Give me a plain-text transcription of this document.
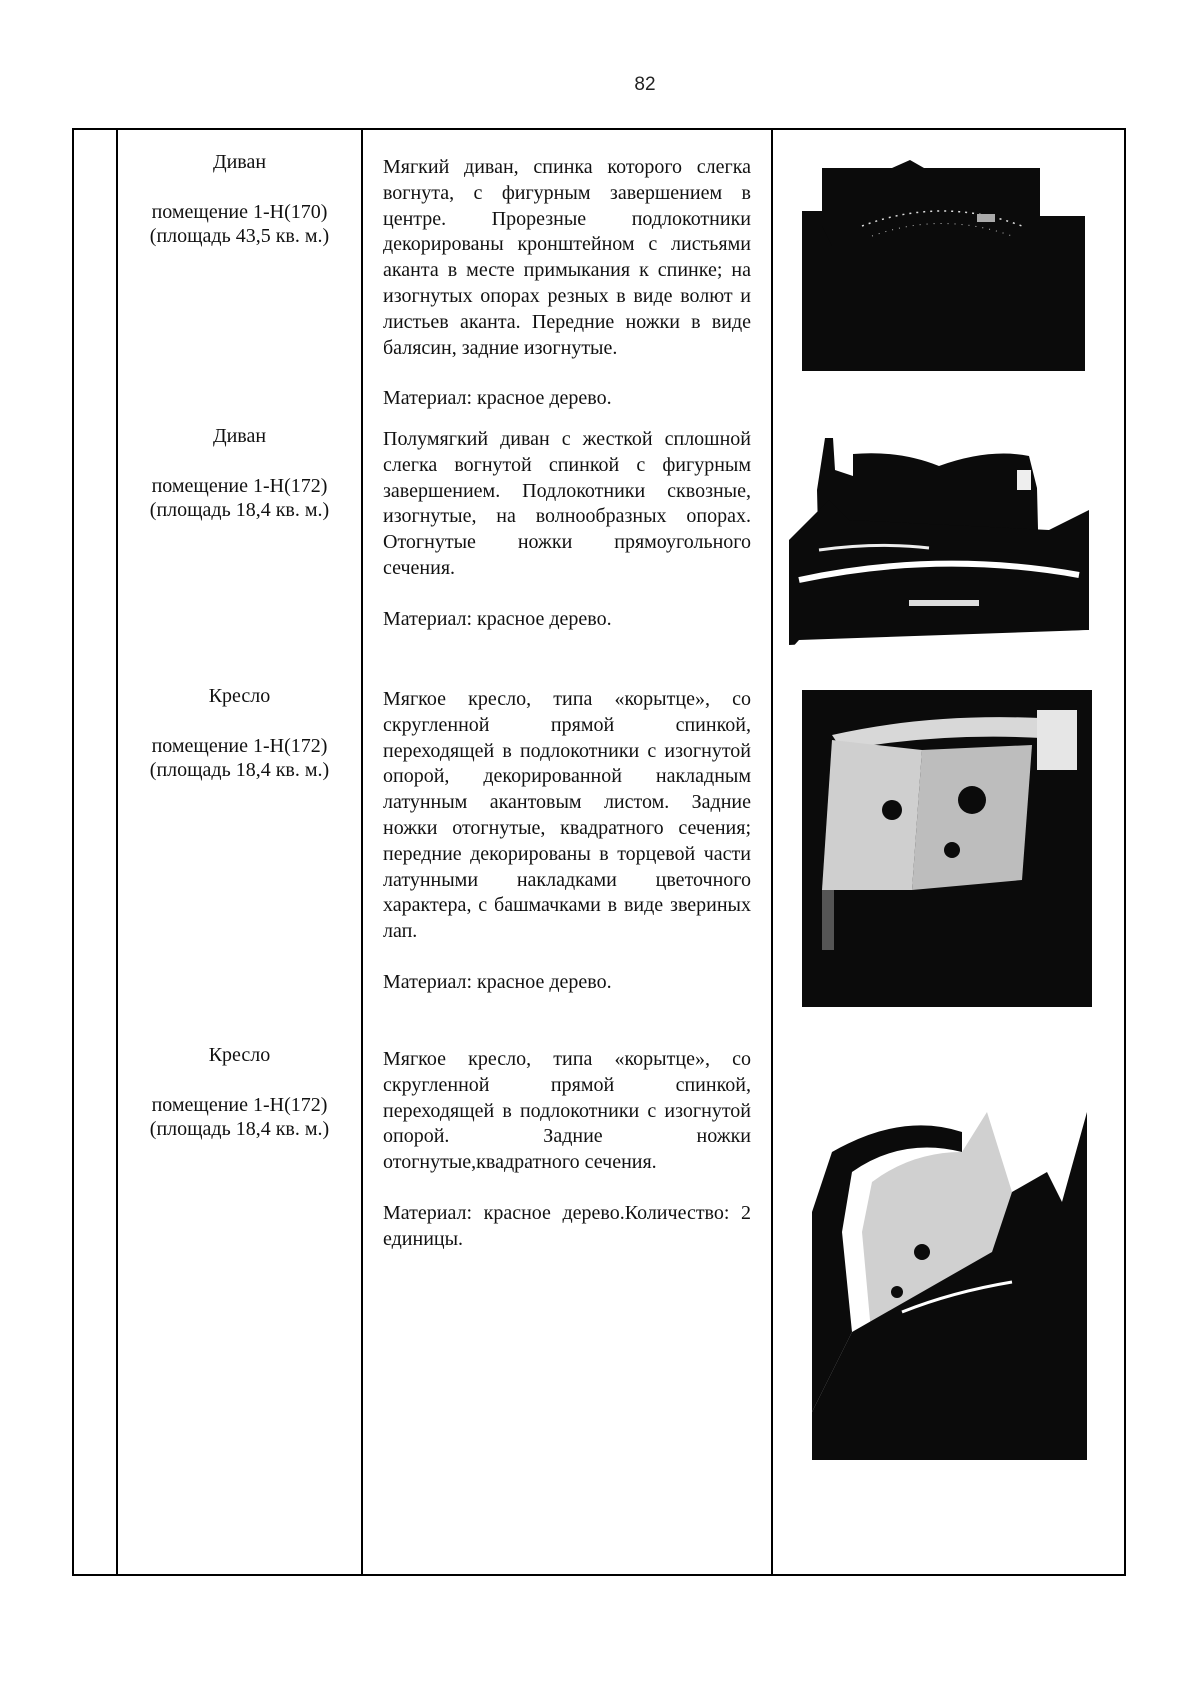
82
Диван
помещение 1-Н(170)
(площадь 43,5 кв. м.)

Мягкий диван, спинка которого слегка вогнута, с фигурным завершением в центре. Прорезные подлокотники декорированы кронштейном с листьями аканта в месте примыкания к спинке; на изогнутых опорах резных в виде волют и листьев аканта. Передние ножки в виде балясин, задние изогнутые.

Материал: красное дерево.

Диван
помещение 1-Н(172)
(площадь 18,4 кв. м.)

Полумягкий диван с жесткой сплошной слегка вогнутой спинкой с фигурным завершением. Подлокотники сквозные, изогнутые, на волнообразных опорах. Отогнутые ножки прямоугольного сечения.

Материал: красное дерево.

Кресло
помещение 1-Н(172)
(площадь 18,4 кв. м.)

Мягкое кресло, типа «корытце», со скругленной прямой спинкой, переходящей в подлокотники с изогнутой опорой, декорированной накладным латунным акантовым листом. Задние ножки отогнутые, квадратного сечения; передние декорированы в торцевой части латунными накладками цветочного характера, с башмачками в виде звериных лап.

Материал: красное дерево.

Кресло
помещение 1-Н(172)
(площадь 18,4 кв. м.)

Мягкое кресло, типа «корытце», со скругленной прямой спинкой, переходящей в подлокотники с изогнутой опорой. Задние ножки отогнутые,квадратного сечения.

Материал: красное дерево.Количество: 2 единицы.
